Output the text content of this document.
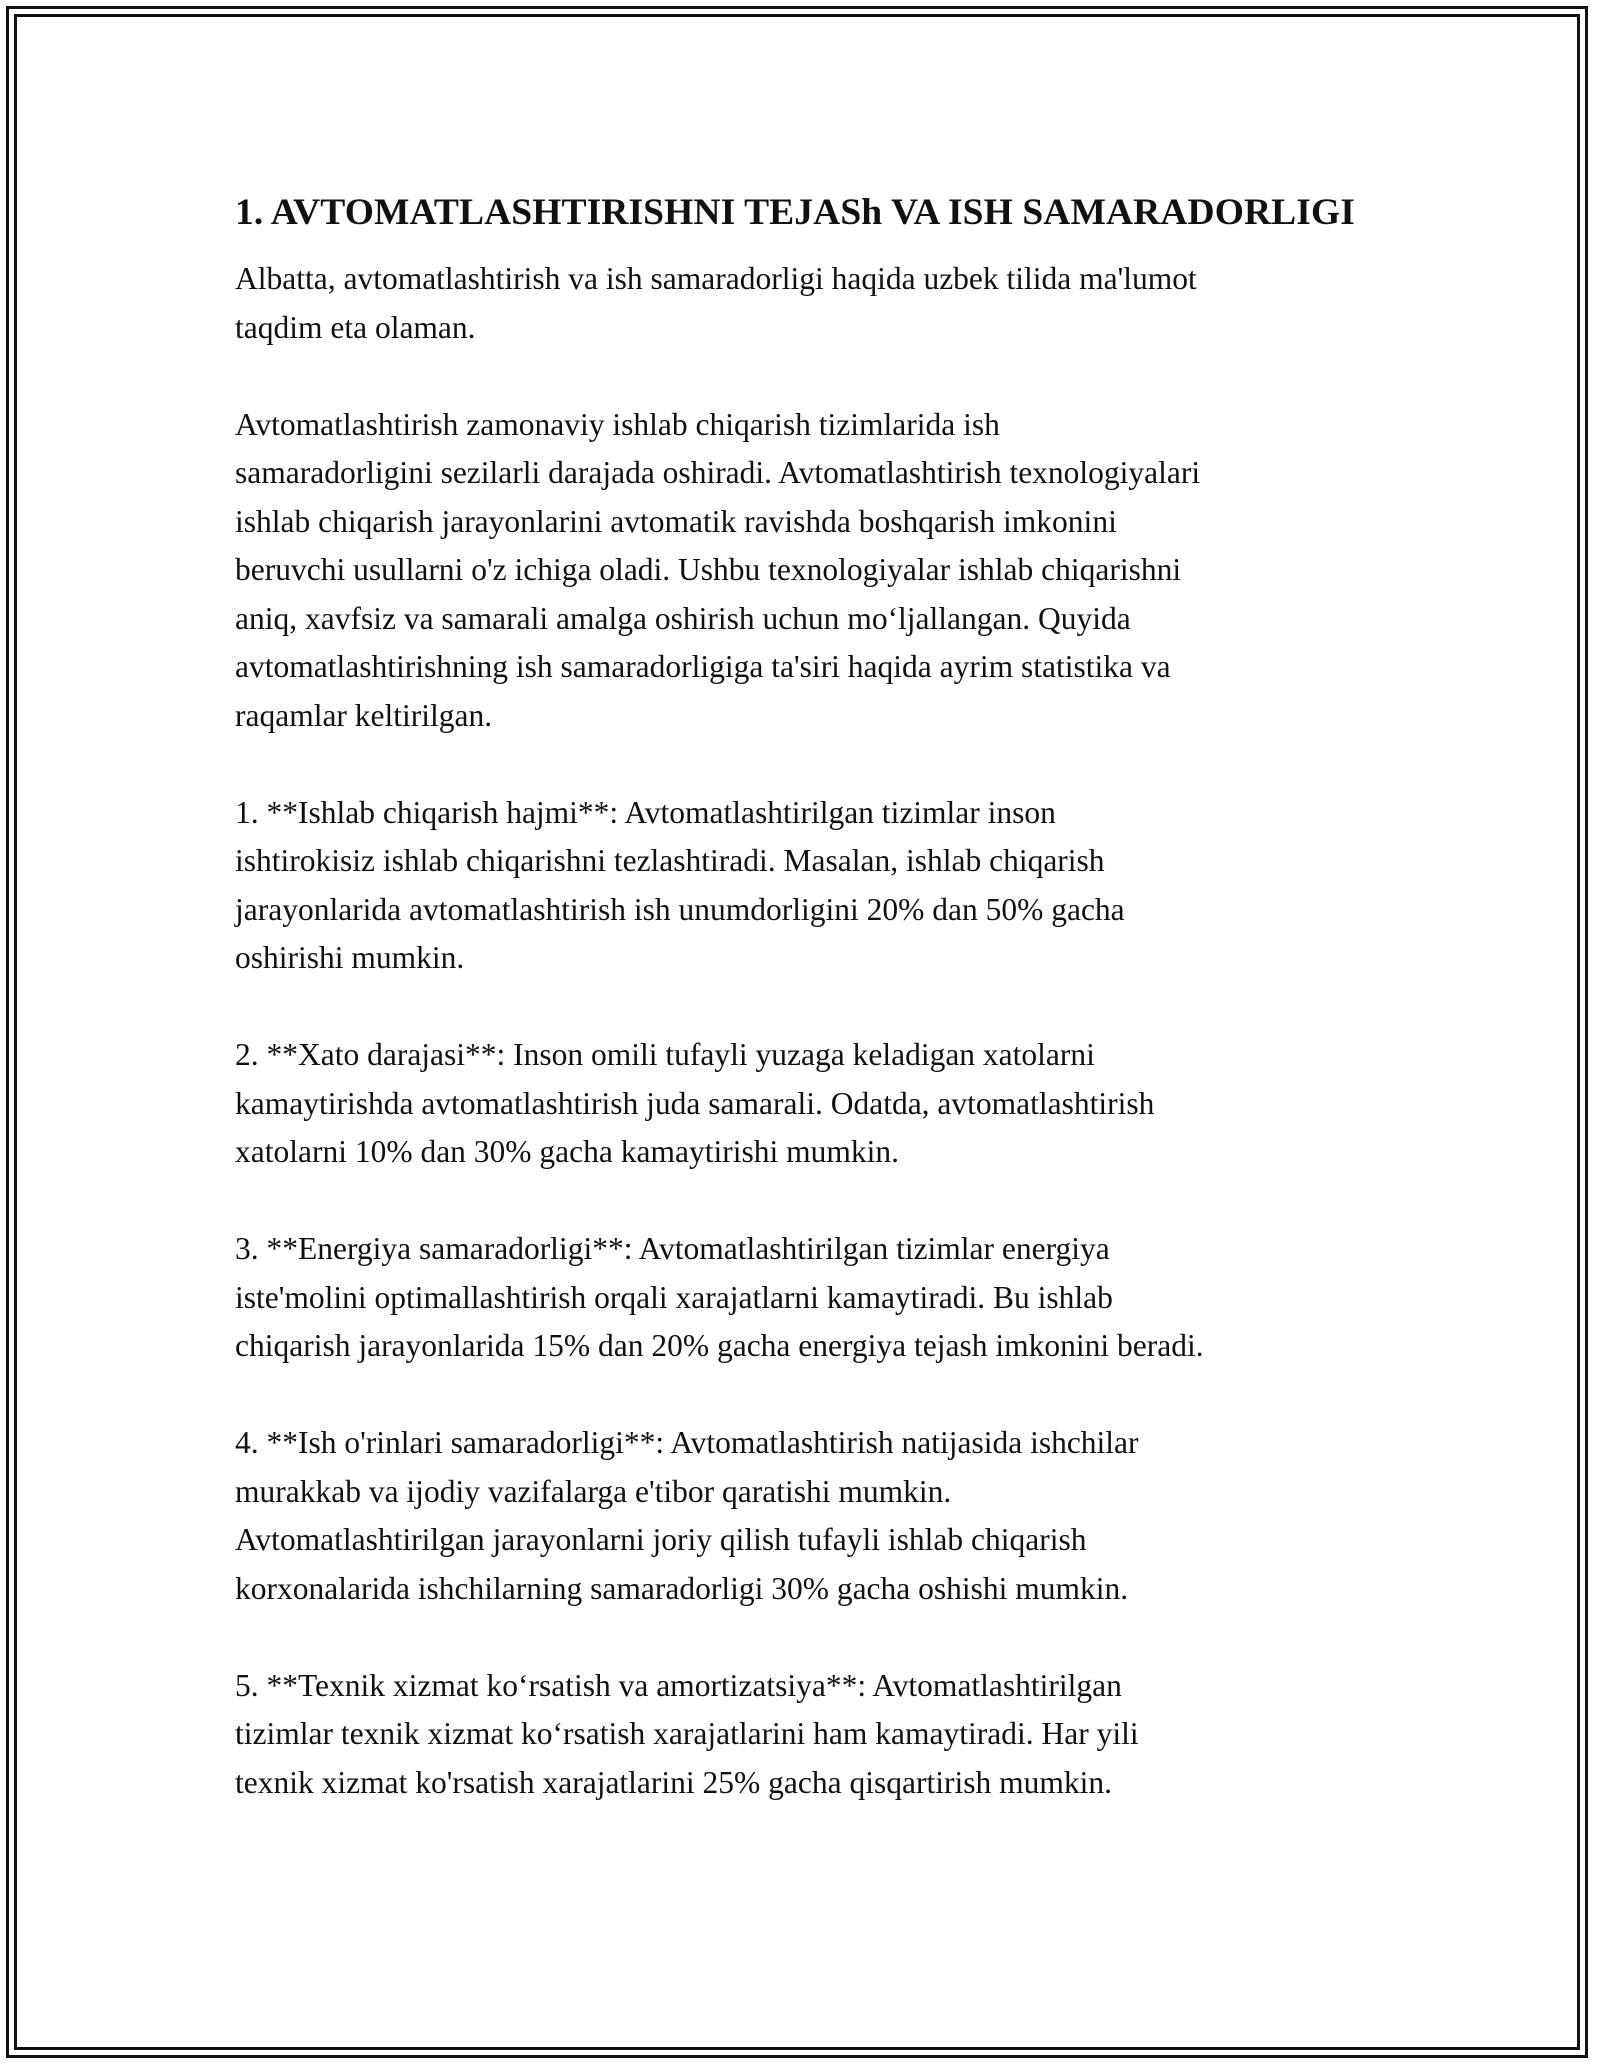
1. AVTOMATLASHTIRISHNI TEJASh VA ISH SAMARADORLIGI

Albatta, avtomatlashtirish va ish samaradorligi haqida uzbek tilida ma'lumot
taqdim eta olaman.

Avtomatlashtirish zamonaviy ishlab chiqarish tizimlarida ish
samaradorligini sezilarli darajada oshiradi. Avtomatlashtirish texnologiyalari
ishlab chiqarish jarayonlarini avtomatik ravishda boshqarish imkonini
beruvchi usullarni o'z ichiga oladi. Ushbu texnologiyalar ishlab chiqarishni
aniq, xavfsiz va samarali amalga oshirish uchun mo‘ljallangan. Quyida
avtomatlashtirishning ish samaradorligiga ta'siri haqida ayrim statistika va
raqamlar keltirilgan.

1. **Ishlab chiqarish hajmi**: Avtomatlashtirilgan tizimlar inson
ishtirokisiz ishlab chiqarishni tezlashtiradi. Masalan, ishlab chiqarish
jarayonlarida avtomatlashtirish ish unumdorligini 20% dan 50% gacha
oshirishi mumkin.

2. **Xato darajasi**: Inson omili tufayli yuzaga keladigan xatolarni
kamaytirishda avtomatlashtirish juda samarali. Odatda, avtomatlashtirish
xatolarni 10% dan 30% gacha kamaytirishi mumkin.

3. **Energiya samaradorligi**: Avtomatlashtirilgan tizimlar energiya
iste'molini optimallashtirish orqali xarajatlarni kamaytiradi. Bu ishlab
chiqarish jarayonlarida 15% dan 20% gacha energiya tejash imkonini beradi.

4. **Ish o'rinlari samaradorligi**: Avtomatlashtirish natijasida ishchilar
murakkab va ijodiy vazifalarga e'tibor qaratishi mumkin.
Avtomatlashtirilgan jarayonlarni joriy qilish tufayli ishlab chiqarish
korxonalarida ishchilarning samaradorligi 30% gacha oshishi mumkin.

5. **Texnik xizmat ko‘rsatish va amortizatsiya**: Avtomatlashtirilgan
tizimlar texnik xizmat ko‘rsatish xarajatlarini ham kamaytiradi. Har yili
texnik xizmat ko'rsatish xarajatlarini 25% gacha qisqartirish mumkin.
